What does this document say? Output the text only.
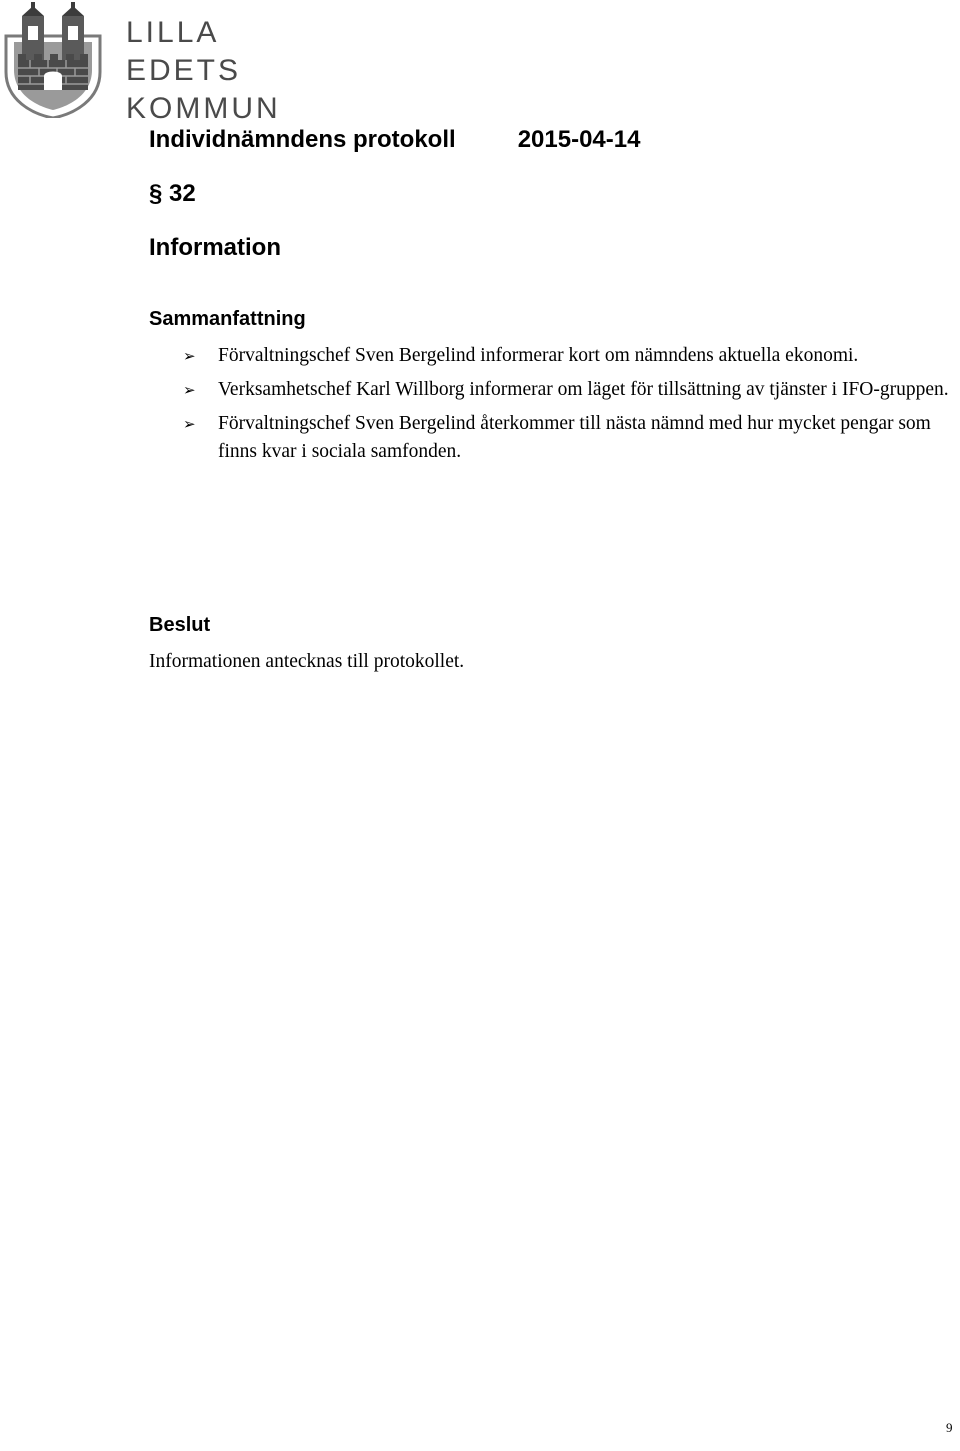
LILLA EDETS
KOMMUN
Individnämndens protokoll	2015-04-14
§ 32
Information
Sammanfattning
➢ Förvaltningschef Sven Bergelind informerar kort om nämndens aktuella ekonomi.
➢ Verksamhetschef Karl Willborg informerar om läget för tillsättning av tjänster i IFO-gruppen.
➢ Förvaltningschef Sven Bergelind återkommer till nästa nämnd med hur mycket pengar som finns kvar i sociala samfonden.
Beslut
Informationen antecknas till protokollet.
9
